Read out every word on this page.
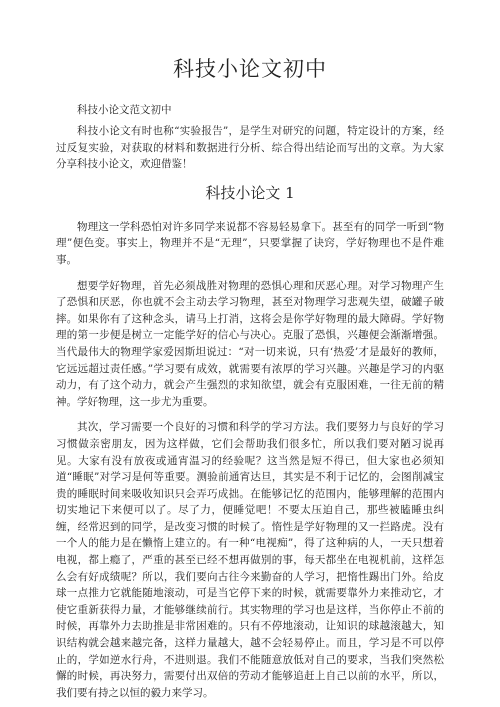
科技小论文初中
科技小论文范文初中

科技小论文有时也称“实验报告”，是学生对研究的问题，特定设计的方案，经过反复实验，对获取的材料和数据进行分析、综合得出结论而写出的文章。为大家分享科技小论文，欢迎借鉴！

科技小论文 1

物理这一学科恐怕对许多同学来说都不容易轻易拿下。甚至有的同学一听到“物理”便色变。事实上，物理并不是“无理”，只要掌握了诀窍，学好物理也不是件难事。

想要学好物理，首先必须战胜对物理的恐惧心理和厌恶心理。对学习物理产生了恐惧和厌恶，你也就不会主动去学习物理，甚至对物理学习悲观失望，破罐子破摔。如果你有了这种念头，请马上打消，这将会是你学好物理的最大障碍。学好物理的第一步便是树立一定能学好的信心与决心。克服了恐惧，兴趣便会渐渐增强。当代最伟大的物理学家爱因斯坦说过：“对一切来说，只有‘热爱’才是最好的教师，它远远超过责任感。”学习要有成效，就需要有浓厚的学习兴趣。兴趣是学习的内驱动力，有了这个动力，就会产生强烈的求知欲望，就会有克服困难，一往无前的精神。学好物理，这一步尤为重要。

其次，学习需要一个良好的习惯和科学的学习方法。我们要努力与良好的学习习惯做亲密朋友，因为这样做，它们会帮助我们很多忙，所以我们要对陋习说再见。大家有没有放夜或通宵温习的经验呢？这当然是短不得已，但大家也必须知道“睡眠”对学习是何等重要。测验前通宵达旦，其实是不利于记忆的，会图削减宝贵的睡眠时间来吸收知识只会弄巧成拙。在能够记忆的范围内，能够理解的范围内切实地记下来便可以了。尽了力，便睡觉吧！不要太压迫自己，那些被瞌睡虫纠缠，经常迟到的同学，是改变习惯的时候了。惰性是学好物理的又一拦路虎。没有一个人的能力是在懒惰上建立的。有一种“电视痴”，得了这种病的人，一天只想着电视，都上瘾了，严重的甚至已经不想再做别的事，每天都坐在电视机前，这样怎么会有好成绩呢？所以，我们要向古往今来勤奋的人学习，把惰性踢出门外。给皮球一点推力它就能随地滚动，可是当它停下来的时候，就需要靠外力来推动它，才使它重新获得力量，才能够继续前行。其实物理的学习也是这样，当你停止不前的时候，再靠外力去助推是非常困难的。只有不停地滚动，让知识的球越滚越大，知识结构就会越来越完备，这样力量越大，越不会轻易停止。而且，学习是不可以停止的，学如逆水行舟，不进则退。我们不能随意放低对自己的要求，当我们突然松懈的时候，再决努力，需要付出双倍的劳动才能够追赶上自己以前的水平，所以，我们要有持之以恒的毅力来学习。
